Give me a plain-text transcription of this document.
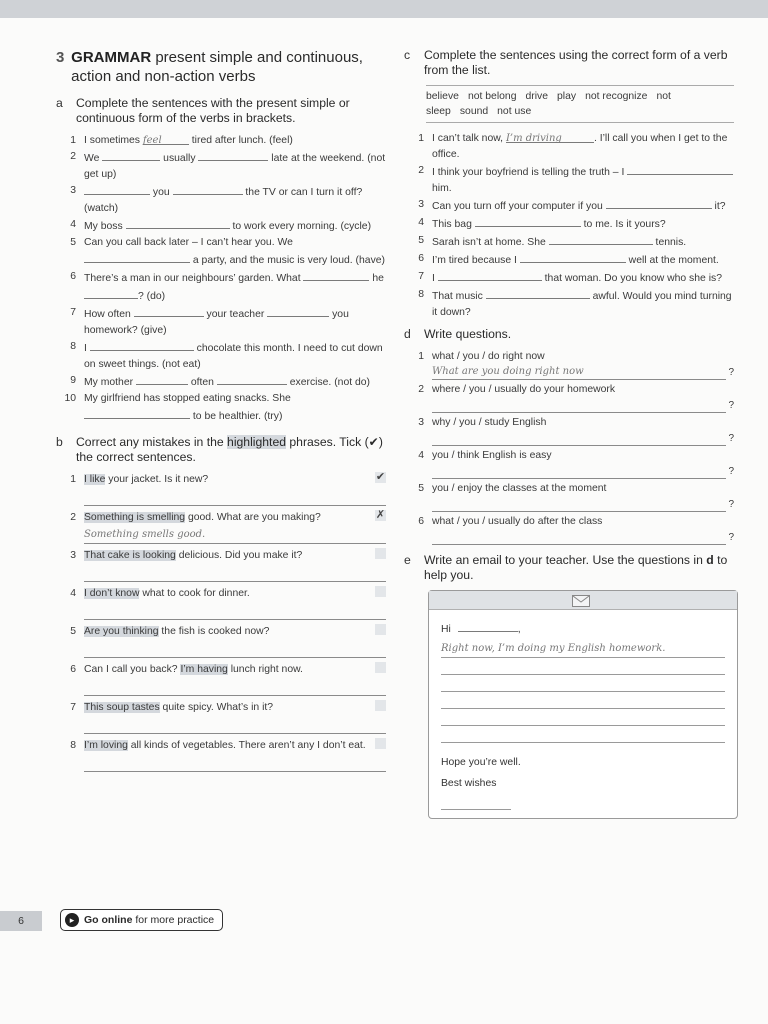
3 GRAMMAR present simple and continuous, action and non-action verbs
a Complete the sentences with the present simple or continuous form of the verbs in brackets.
1 I sometimes feel	tired after lunch. (feel)
2 We	usually	late at the weekend. (not get up)
3	you	the TV or can I turn it off? (watch)
4 My boss	to work every morning. (cycle)
5 Can you call back later – I can’t hear you. We  a party, and the music is very loud. (have)
6 There’s a man in our neighbours’ garden. What	he ? (do)
7 How often	your teacher	you homework? (give)
8 I	chocolate this month. I need to cut down on sweet things. (not eat)
9 My mother	often	exercise. (not do)
10 My girlfriend has stopped eating snacks. She  to be healthier. (try)
b Correct any mistakes in the highlighted phrases. Tick (✔) the correct sentences.
1 I like your jacket. Is it new?	✔
2 Something is smelling good. What are you making?	✗
Something smells good.
3 That cake is looking delicious. Did you make it?
4 I don’t know what to cook for dinner.
5 Are you thinking the fish is cooked now?
6 Can I call you back? I’m having lunch right now.
7 This soup tastes quite spicy. What’s in it?
8 I’m loving all kinds of vegetables. There aren’t any I don’t eat.
c	Complete the sentences using the correct form of a verb from the list.
believe not belong drive play not recognize not sleep sound not use
1 I can’t talk now, I’m driving	. I’ll call you when I get to the office.
2 I think your boyfriend is telling the truth – I  him.
3 Can you turn off your computer if you	it?
4 This bag	to me. Is it yours?
5 Sarah isn’t at home. She	tennis.
6 I’m tired because I	well at the moment.
7 I	that woman. Do you know who she is?
8 That music	awful. Would you mind turning it down?
d Write questions.
1 what / you / do right now
What are you doing right now	?
2 where / you / usually do your homework
?
3 why / you / study English
?
4 you / think English is easy
?
5 you / enjoy the classes at the moment
?
6 what / you / usually do after the class
?
e Write an email to your teacher. Use the questions in d to help you.
Hi	,
Right now, I’m doing my English homework.
Hope you’re well.
Best wishes
6	▸ Go online for more practice
